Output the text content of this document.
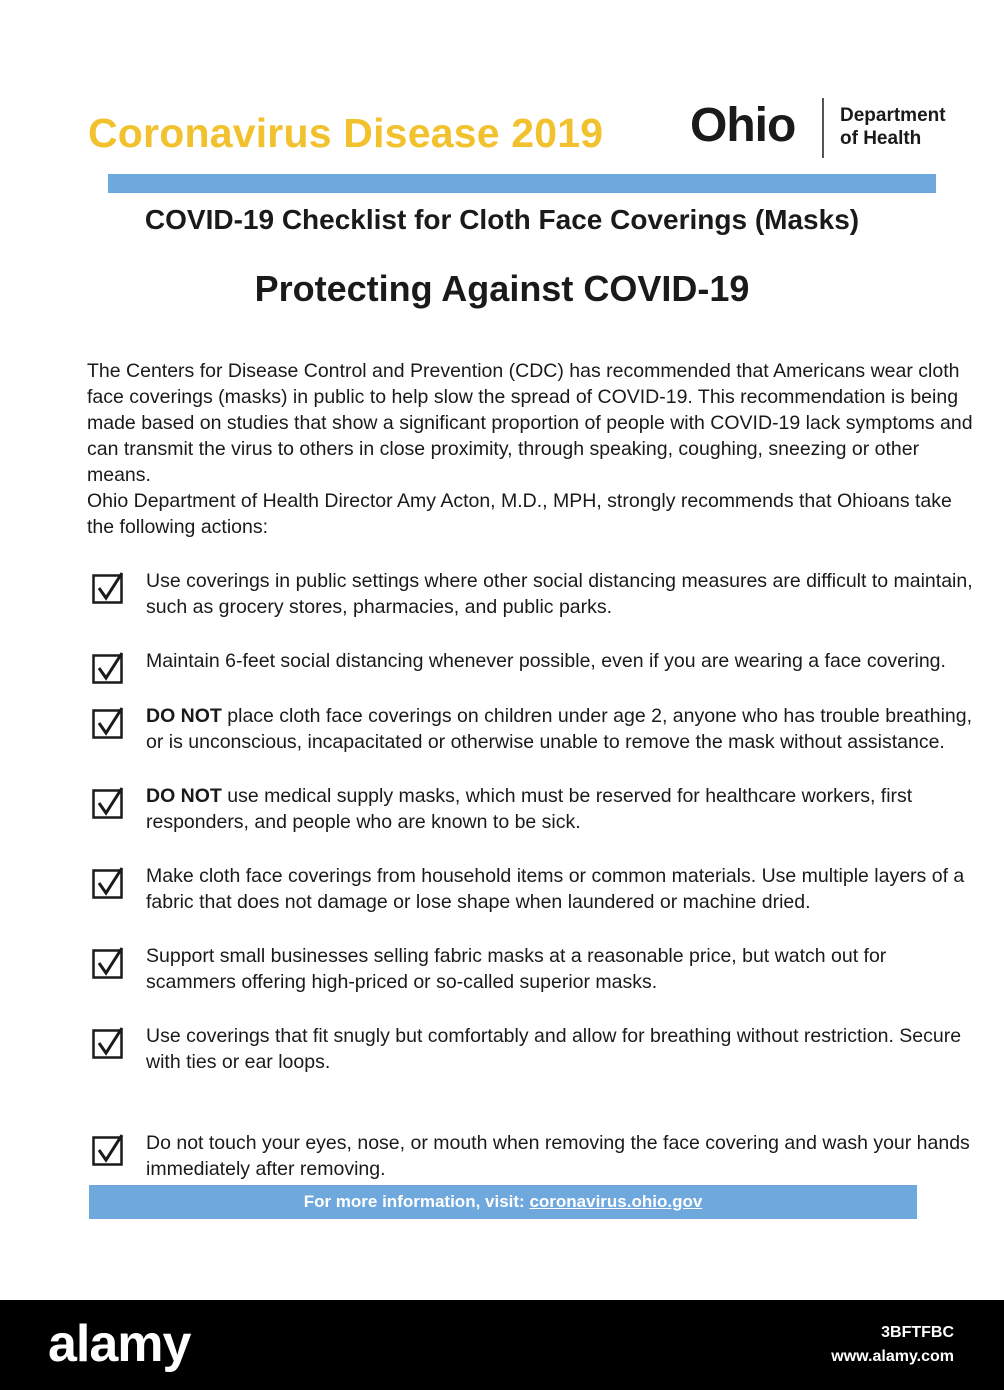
Coronavirus Disease 2019 Ohio Department
of Health
COVID-19 Checklist for Cloth Face Coverings (Masks)
Protecting Against COVID-19
The Centers for Disease Control and Prevention (CDC) has recommended that Americans wear cloth face coverings (masks) in public to help slow the spread of COVID-19. This recommendation is being made based on studies that show a significant proportion of people with COVID-19 lack symptoms and can transmit the virus to others in close proximity, through speaking, coughing, sneezing or other means.
Ohio Department of Health Director Amy Acton, M.D., MPH, strongly recommends that Ohioans take the following actions:
Use coverings in public settings where other social distancing measures are difficult to maintain, such as grocery stores, pharmacies, and public parks.
Maintain 6-feet social distancing whenever possible, even if you are wearing a face covering.
DO NOT place cloth face coverings on children under age 2, anyone who has trouble breathing, or is unconscious, incapacitated or otherwise unable to remove the mask without assistance.
DO NOT use medical supply masks, which must be reserved for healthcare workers, first responders, and people who are known to be sick.
Make cloth face coverings from household items or common materials. Use multiple layers of a fabric that does not damage or lose shape when laundered or machine dried.
Support small businesses selling fabric masks at a reasonable price, but watch out for scammers offering high-priced or so-called superior masks.
Use coverings that fit snugly but comfortably and allow for breathing without restriction. Secure with ties or ear loops.
Do not touch your eyes, nose, or mouth when removing the face covering and wash your hands immediately after removing.
For more information, visit: coronavirus.ohio.gov
alamy	3BFTFBC
www.alamy.com
